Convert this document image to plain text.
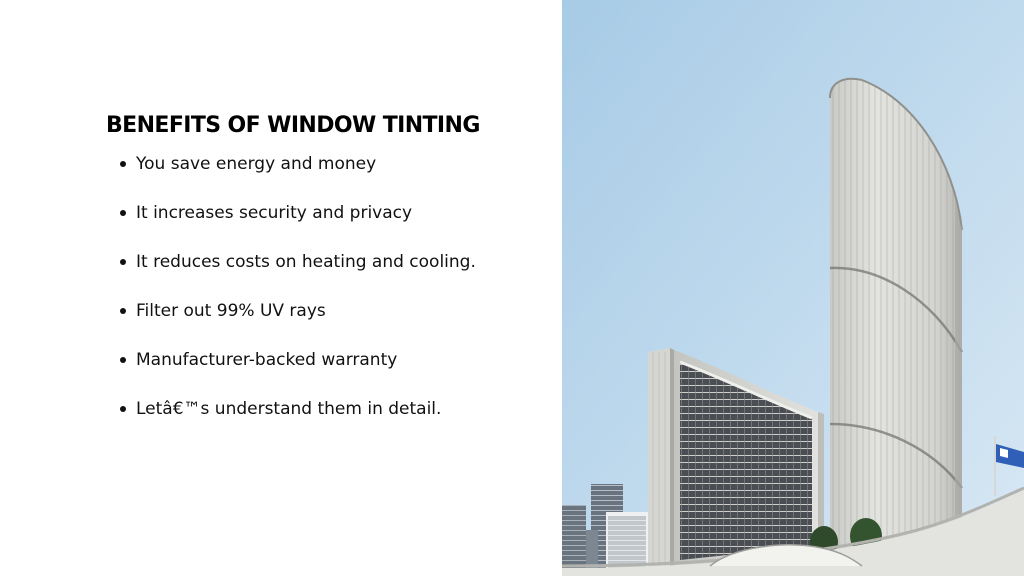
BENEFITS OF WINDOW TINTING
You save energy and money
It increases security and privacy
It reduces costs on heating and cooling.
Filter out 99% UV rays
Manufacturer-backed warranty
Letâ€™s understand them in detail.
